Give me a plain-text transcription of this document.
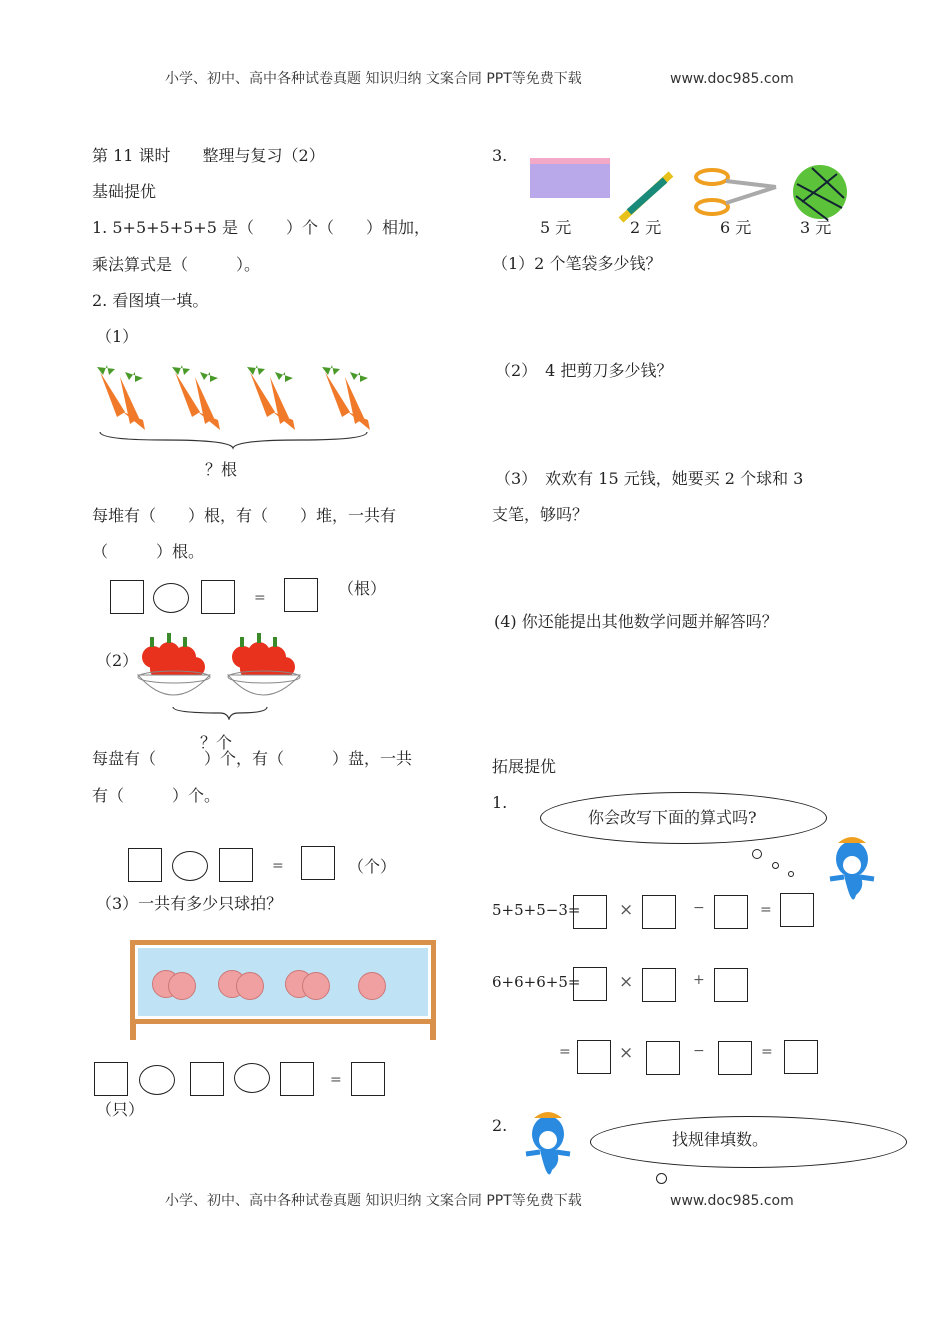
小学、初中、高中各种试卷真题 知识归纳 文案合同 PPT等免费下载	www.doc985.com
第 11 课时　　整理与复习（2）
基础提优
1. 5+5+5+5+5 是（　　）个（　　）相加，
乘法算式是（　　　）。
2. 看图填一填。
（1）
？根
每堆有（　　）根，有（　　）堆，一共有
（　　　）根。
=	（根）
（2）
？个
每盘有（　　　）个，有（　　　）盘，一共
有（　　　）个。
=	（个）
（3）一共有多少只球拍？
=
（只）
3.
5 元	2 元	6 元	3 元
（1）2 个笔袋多少钱？
（2）　4 把剪刀多少钱？
（3）　欢欢有 15 元钱，她要买 2 个球和 3
支笔，够吗？
(4) 你还能提出其他数学问题并解答吗？
拓展提优
1.
你会改写下面的算式吗?
5+5+5−3= ×	−	=
6+6+6+5= ×	+
=	×	−	=
2.
找规律填数。
小学、初中、高中各种试卷真题 知识归纳 文案合同 PPT等免费下载	www.doc985.com
